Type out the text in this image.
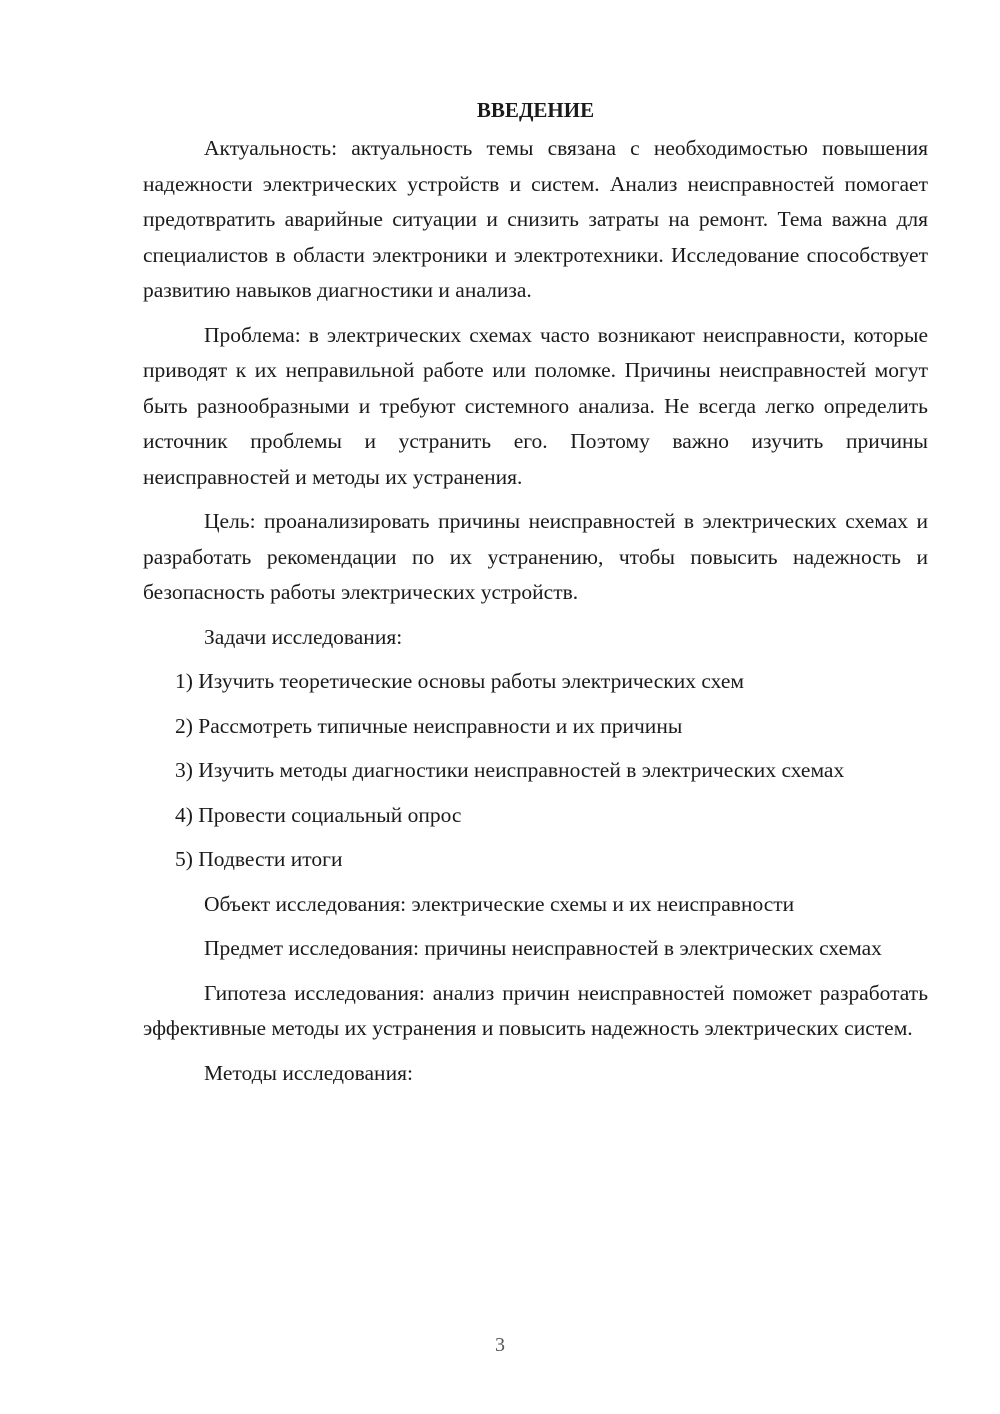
ВВЕДЕНИЕ

Актуальность: актуальность темы связана с необходимостью повышения надежности электрических устройств и систем. Анализ неисправностей помогает предотвратить аварийные ситуации и снизить затраты на ремонт. Тема важна для специалистов в области электроники и электротехники. Исследование способствует развитию навыков диагностики и анализа.

Проблема: в электрических схемах часто возникают неисправности, которые приводят к их неправильной работе или поломке. Причины неисправностей могут быть разнообразными и требуют системного анализа. Не всегда легко определить источник проблемы и устранить его. Поэтому важно изучить причины неисправностей и методы их устранения.

Цель: проанализировать причины неисправностей в электрических схемах и разработать рекомендации по их устранению, чтобы повысить надежность и безопасность работы электрических устройств.

Задачи исследования:

1) Изучить теоретические основы работы электрических схем

2) Рассмотреть типичные неисправности и их причины

3) Изучить методы диагностики неисправностей в электрических схемах

4) Провести социальный опрос

5) Подвести итоги

Объект исследования: электрические схемы и их неисправности

Предмет исследования: причины неисправностей в электрических схемах

Гипотеза исследования: анализ причин неисправностей поможет разработать эффективные методы их устранения и повысить надежность электрических систем.

Методы исследования:

3
